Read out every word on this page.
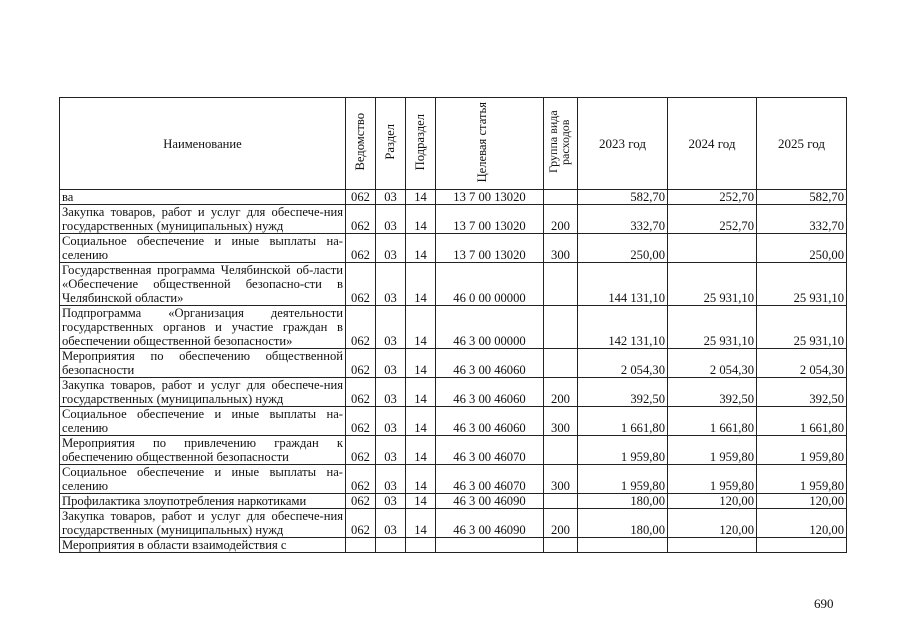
Наименование	Ведомство	Раздел	Подраздел	Целевая статья	Группа вида расходов	2023 год	2024 год	2025 год
ва	062	03	14	13 7 00 13020		582,70	252,70	582,70
Закупка товаров, работ и услуг для обеспече-ния государственных (муниципальных) нужд	062	03	14	13 7 00 13020	200	332,70	252,70	332,70
Социальное обеспечение и иные выплаты на-селению	062	03	14	13 7 00 13020	300	250,00		250,00
Государственная программа Челябинской об-ласти «Обеспечение общественной безопасно-сти в Челябинской области»	062	03	14	46 0 00 00000		144 131,10	25 931,10	25 931,10
Подпрограмма «Организация деятельности государственных органов и участие граждан в обеспечении общественной безопасности»	062	03	14	46 3 00 00000		142 131,10	25 931,10	25 931,10
Мероприятия по обеспечению общественной безопасности	062	03	14	46 3 00 46060		2 054,30	2 054,30	2 054,30
Закупка товаров, работ и услуг для обеспече-ния государственных (муниципальных) нужд	062	03	14	46 3 00 46060	200	392,50	392,50	392,50
Социальное обеспечение и иные выплаты на-селению	062	03	14	46 3 00 46060	300	1 661,80	1 661,80	1 661,80
Мероприятия по привлечению граждан к обеспечению общественной безопасности	062	03	14	46 3 00 46070		1 959,80	1 959,80	1 959,80
Социальное обеспечение и иные выплаты на-селению	062	03	14	46 3 00 46070	300	1 959,80	1 959,80	1 959,80
Профилактика злоупотребления наркотиками	062	03	14	46 3 00 46090		180,00	120,00	120,00
Закупка товаров, работ и услуг для обеспече-ния государственных (муниципальных) нужд	062	03	14	46 3 00 46090	200	180,00	120,00	120,00
Мероприятия в области взаимодействия с								
690
